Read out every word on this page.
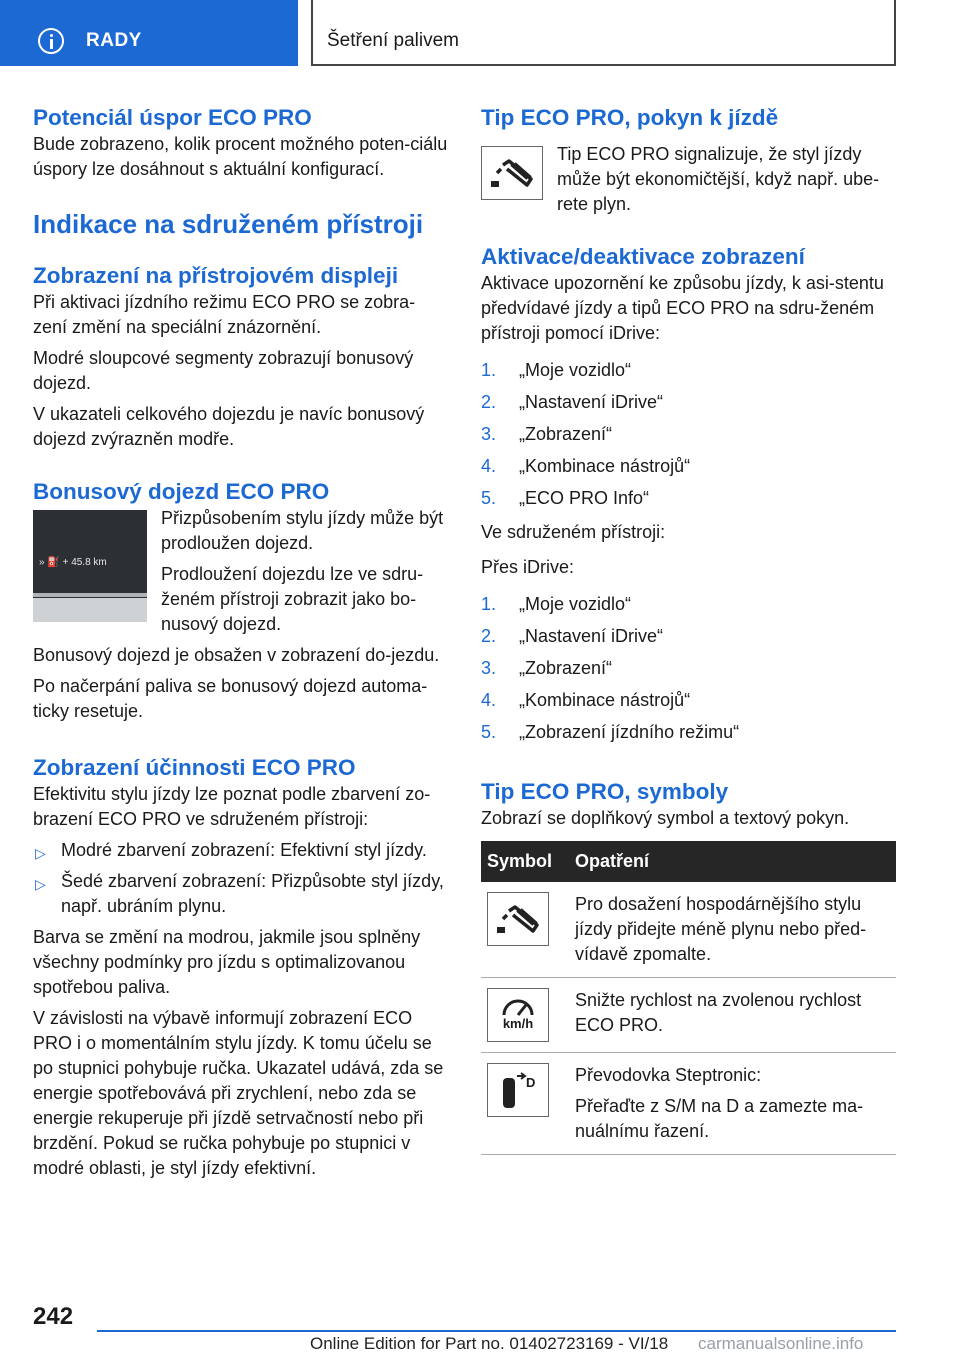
RADY	Šetření palivem
Potenciál úspor ECO PRO

Bude zobrazeno, kolik procent možného poten-ciálu úspory lze dosáhnout s aktuální konfigurací.

Indikace na sdruženém přístroji
Zobrazení na přístrojovém displeji

Při aktivaci jízdního režimu ECO PRO se zobra-zení změní na speciální znázornění.

Modré sloupcové segmenty zobrazují bonusový dojezd.

V ukazateli celkového dojezdu je navíc bonusový dojezd zvýrazněn modře.

Bonusový dojezd ECO PRO
» ⛽ + 45.8 km

Přizpůsobením stylu jízdy může být prodloužen dojezd.

Prodloužení dojezdu lze ve sdru-ženém přístroji zobrazit jako bo-nusový dojezd.

Bonusový dojezd je obsažen v zobrazení do-jezdu.

Po načerpání paliva se bonusový dojezd automa-ticky resetuje.

Zobrazení účinnosti ECO PRO

Efektivitu stylu jízdy lze poznat podle zbarvení zo-brazení ECO PRO ve sdruženém přístroji:

▷ Modré zbarvení zobrazení: Efektivní styl jízdy.
▷ Šedé zbarvení zobrazení: Přizpůsobte styl jízdy, např. ubráním plynu.

Barva se změní na modrou, jakmile jsou splněny všechny podmínky pro jízdu s optimalizovanou spotřebou paliva.

V závislosti na výbavě informují zobrazení ECO PRO i o momentálním stylu jízdy. K tomu účelu se po stupnici pohybuje ručka. Ukazatel udává, zda se energie spotřebovává při zrychlení, nebo zda se energie rekuperuje při jízdě setrvačností nebo při brzdění. Pokud se ručka pohybuje po stupnici v modré oblasti, je styl jízdy efektivní.

Tip ECO PRO, pokyn k jízdě

Tip ECO PRO signalizuje, že styl jízdy může být ekonomičtější, když např. ube-rete plyn.

Aktivace/deaktivace zobrazení

Aktivace upozornění ke způsobu jízdy, k asi-stentu předvídavé jízdy a tipů ECO PRO na sdru-ženém přístroji pomocí iDrive:

1. „Moje vozidlo“
2. „Nastavení iDrive“
3. „Zobrazení“
4. „Kombinace nástrojů“
5. „ECO PRO Info“

Ve sdruženém přístroji:

Přes iDrive:

1. „Moje vozidlo“
2. „Nastavení iDrive“
3. „Zobrazení“
4. „Kombinace nástrojů“
5. „Zobrazení jízdního režimu“
Tip ECO PRO, symboly

Zobrazí se doplňkový symbol a textový pokyn.

Symbol	Opatření

	Pro dosažení hospodárnějšího stylu jízdy přidejte méně plynu nebo před-vídavě zpomalte.

km/h	Snižte rychlost na zvolenou rychlost ECO PRO.

D	Převodovka Steptronic:

Přeřaďte z S/M na D a zamezte ma-nuálnímu řazení.

242
Online Edition for Part no. 01402723169 - VI/18 carmanualsonline.info
